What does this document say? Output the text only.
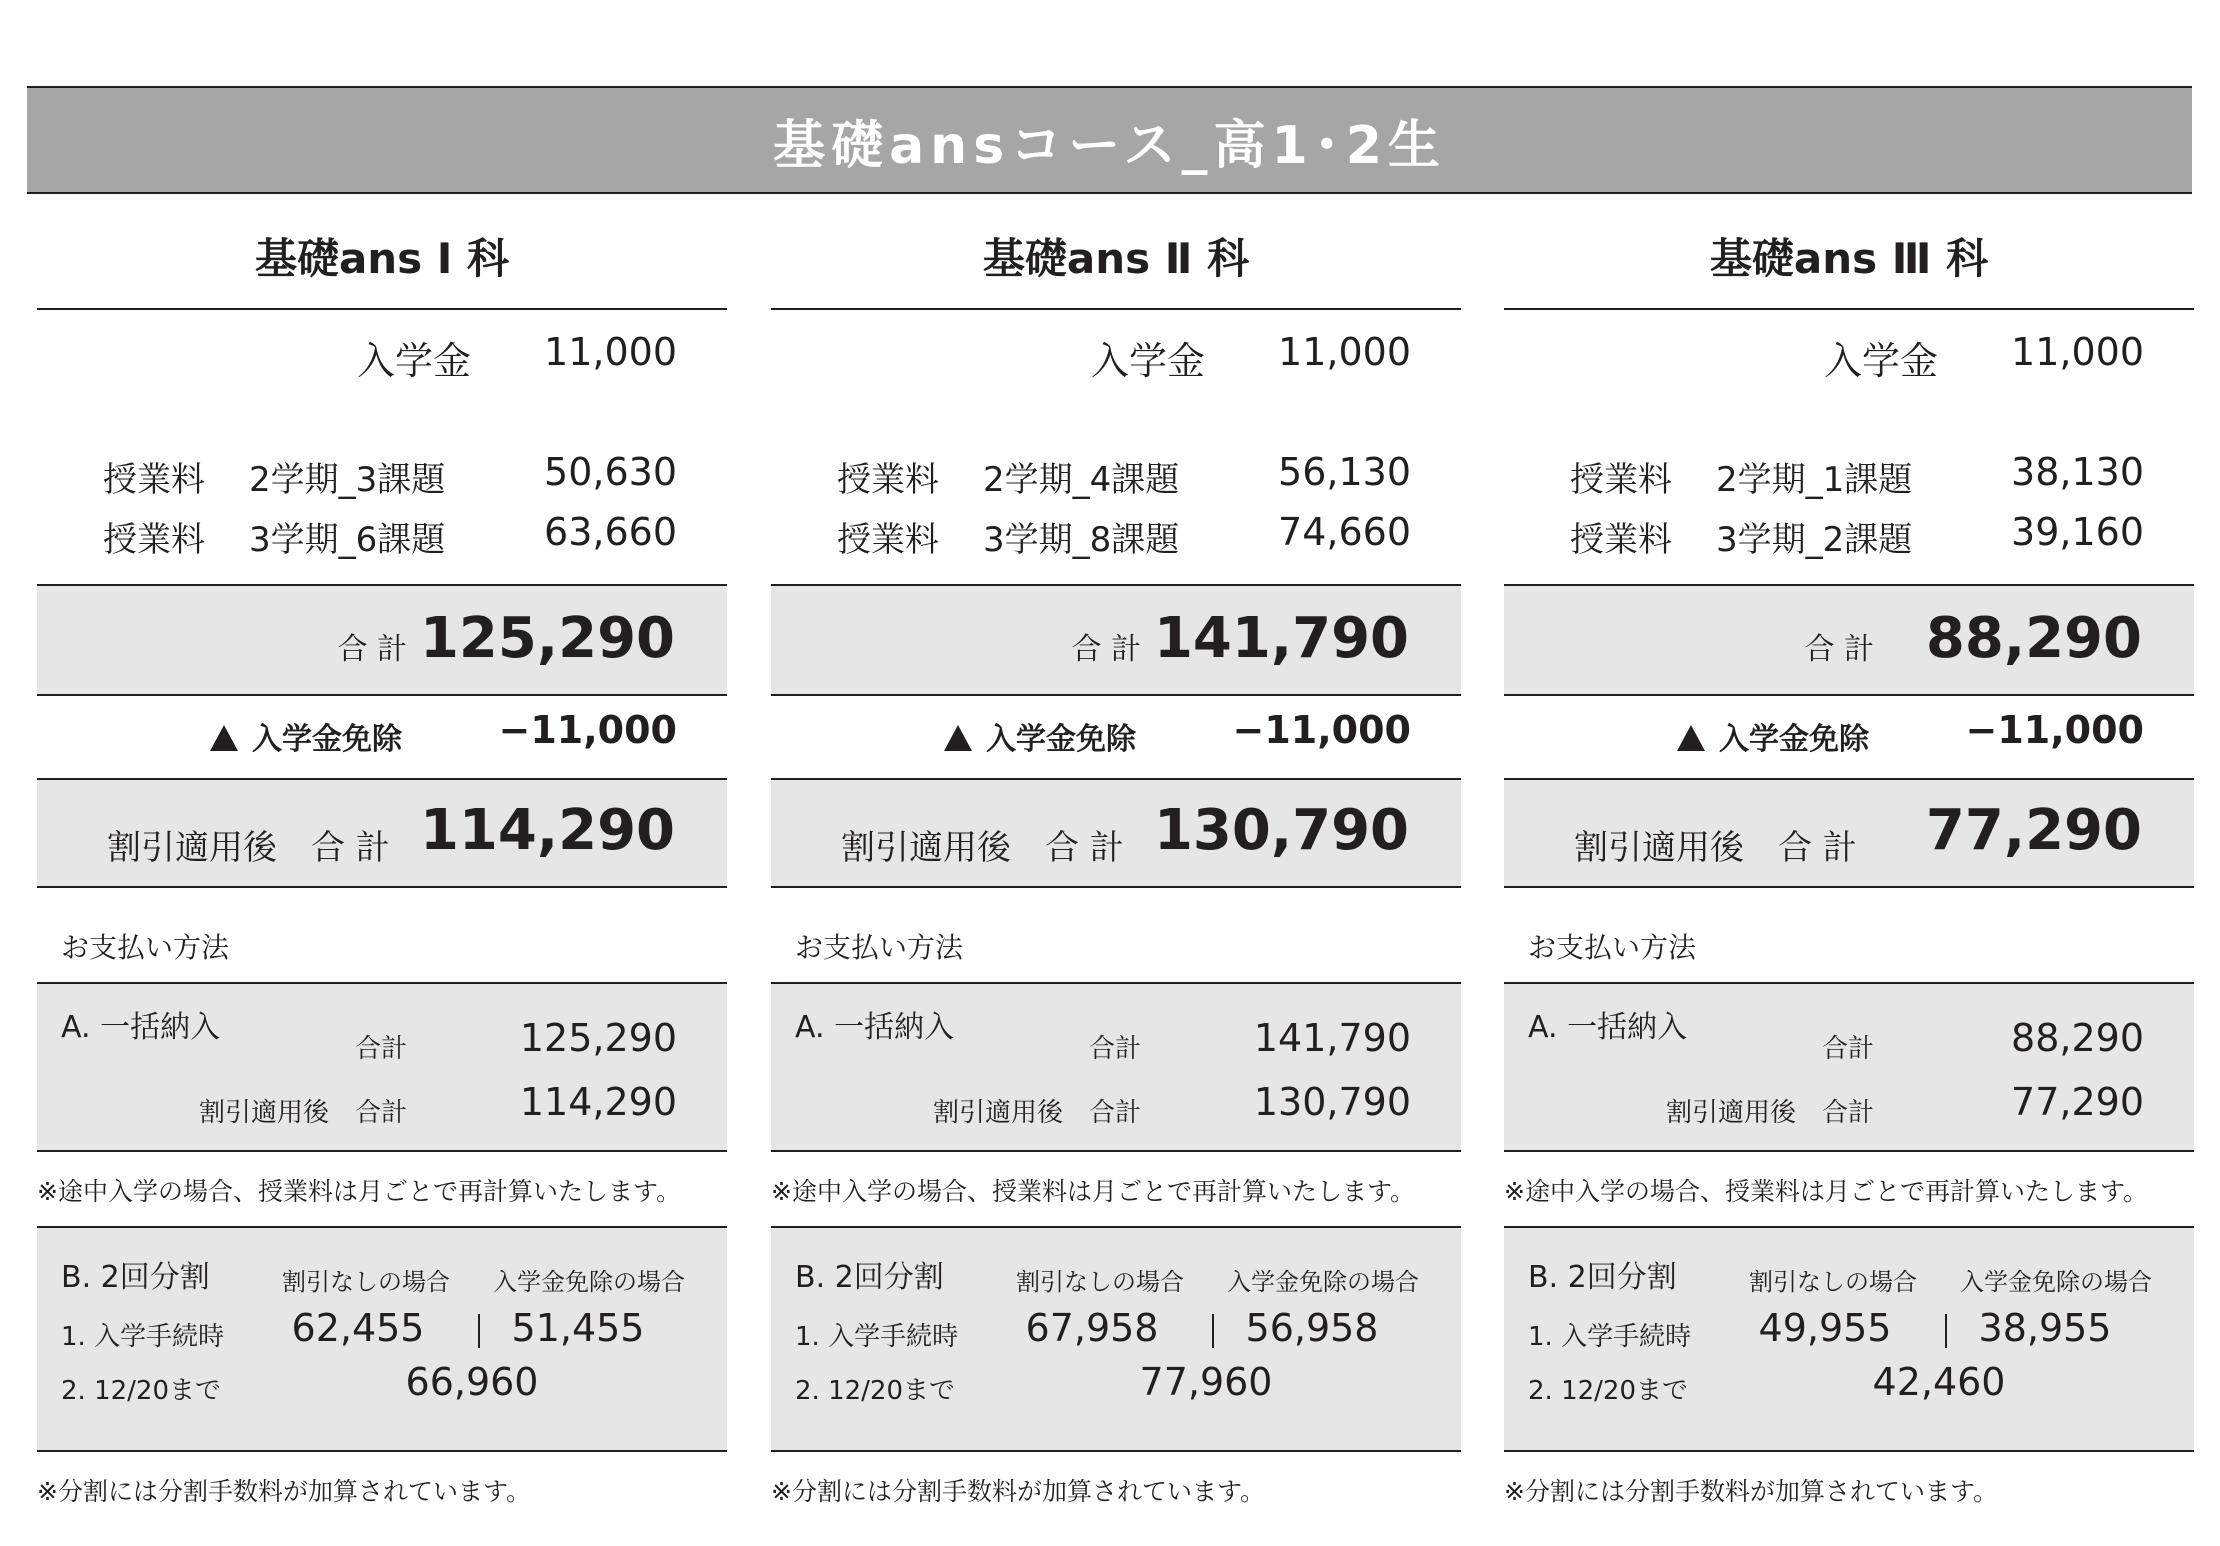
基礎ansコース_高1･2生
基礎ans Ⅰ 科
入学金 11,000
授業料 2学期_3課題	50,630
授業料 3学期_6課題	63,660
合 計 125,290
入学金免除	−11,000
割引適用後　合 計 114,290
お支払い方法
A. 一括納入
合計	125,290
割引適用後　合計	114,290
※途中入学の場合、授業料は月ごとで再計算いたします。
B. 2回分割	割引なしの場合 入学金免除の場合
1. 入学手続時 62,455 51,455
2. 12/20まで	66,960
※分割には分割手数料が加算されています。
基礎ans Ⅱ 科
入学金 11,000
授業料 2学期_4課題	56,130
授業料 3学期_8課題	74,660
合 計 141,790
入学金免除	−11,000
割引適用後　合 計 130,790
お支払い方法
A. 一括納入
合計	141,790
割引適用後　合計	130,790
※途中入学の場合、授業料は月ごとで再計算いたします。
B. 2回分割	割引なしの場合 入学金免除の場合
1. 入学手続時 67,958 56,958
2. 12/20まで	77,960
※分割には分割手数料が加算されています。
基礎ans Ⅲ 科
入学金 11,000
授業料 2学期_1課題	38,130
授業料 3学期_2課題	39,160
合 計 88,290
入学金免除	−11,000
割引適用後　合 計 77,290
お支払い方法
A. 一括納入
合計	88,290
割引適用後　合計	77,290
※途中入学の場合、授業料は月ごとで再計算いたします。
B. 2回分割	割引なしの場合 入学金免除の場合
1. 入学手続時 49,955 38,955
2. 12/20まで	42,460
※分割には分割手数料が加算されています。
